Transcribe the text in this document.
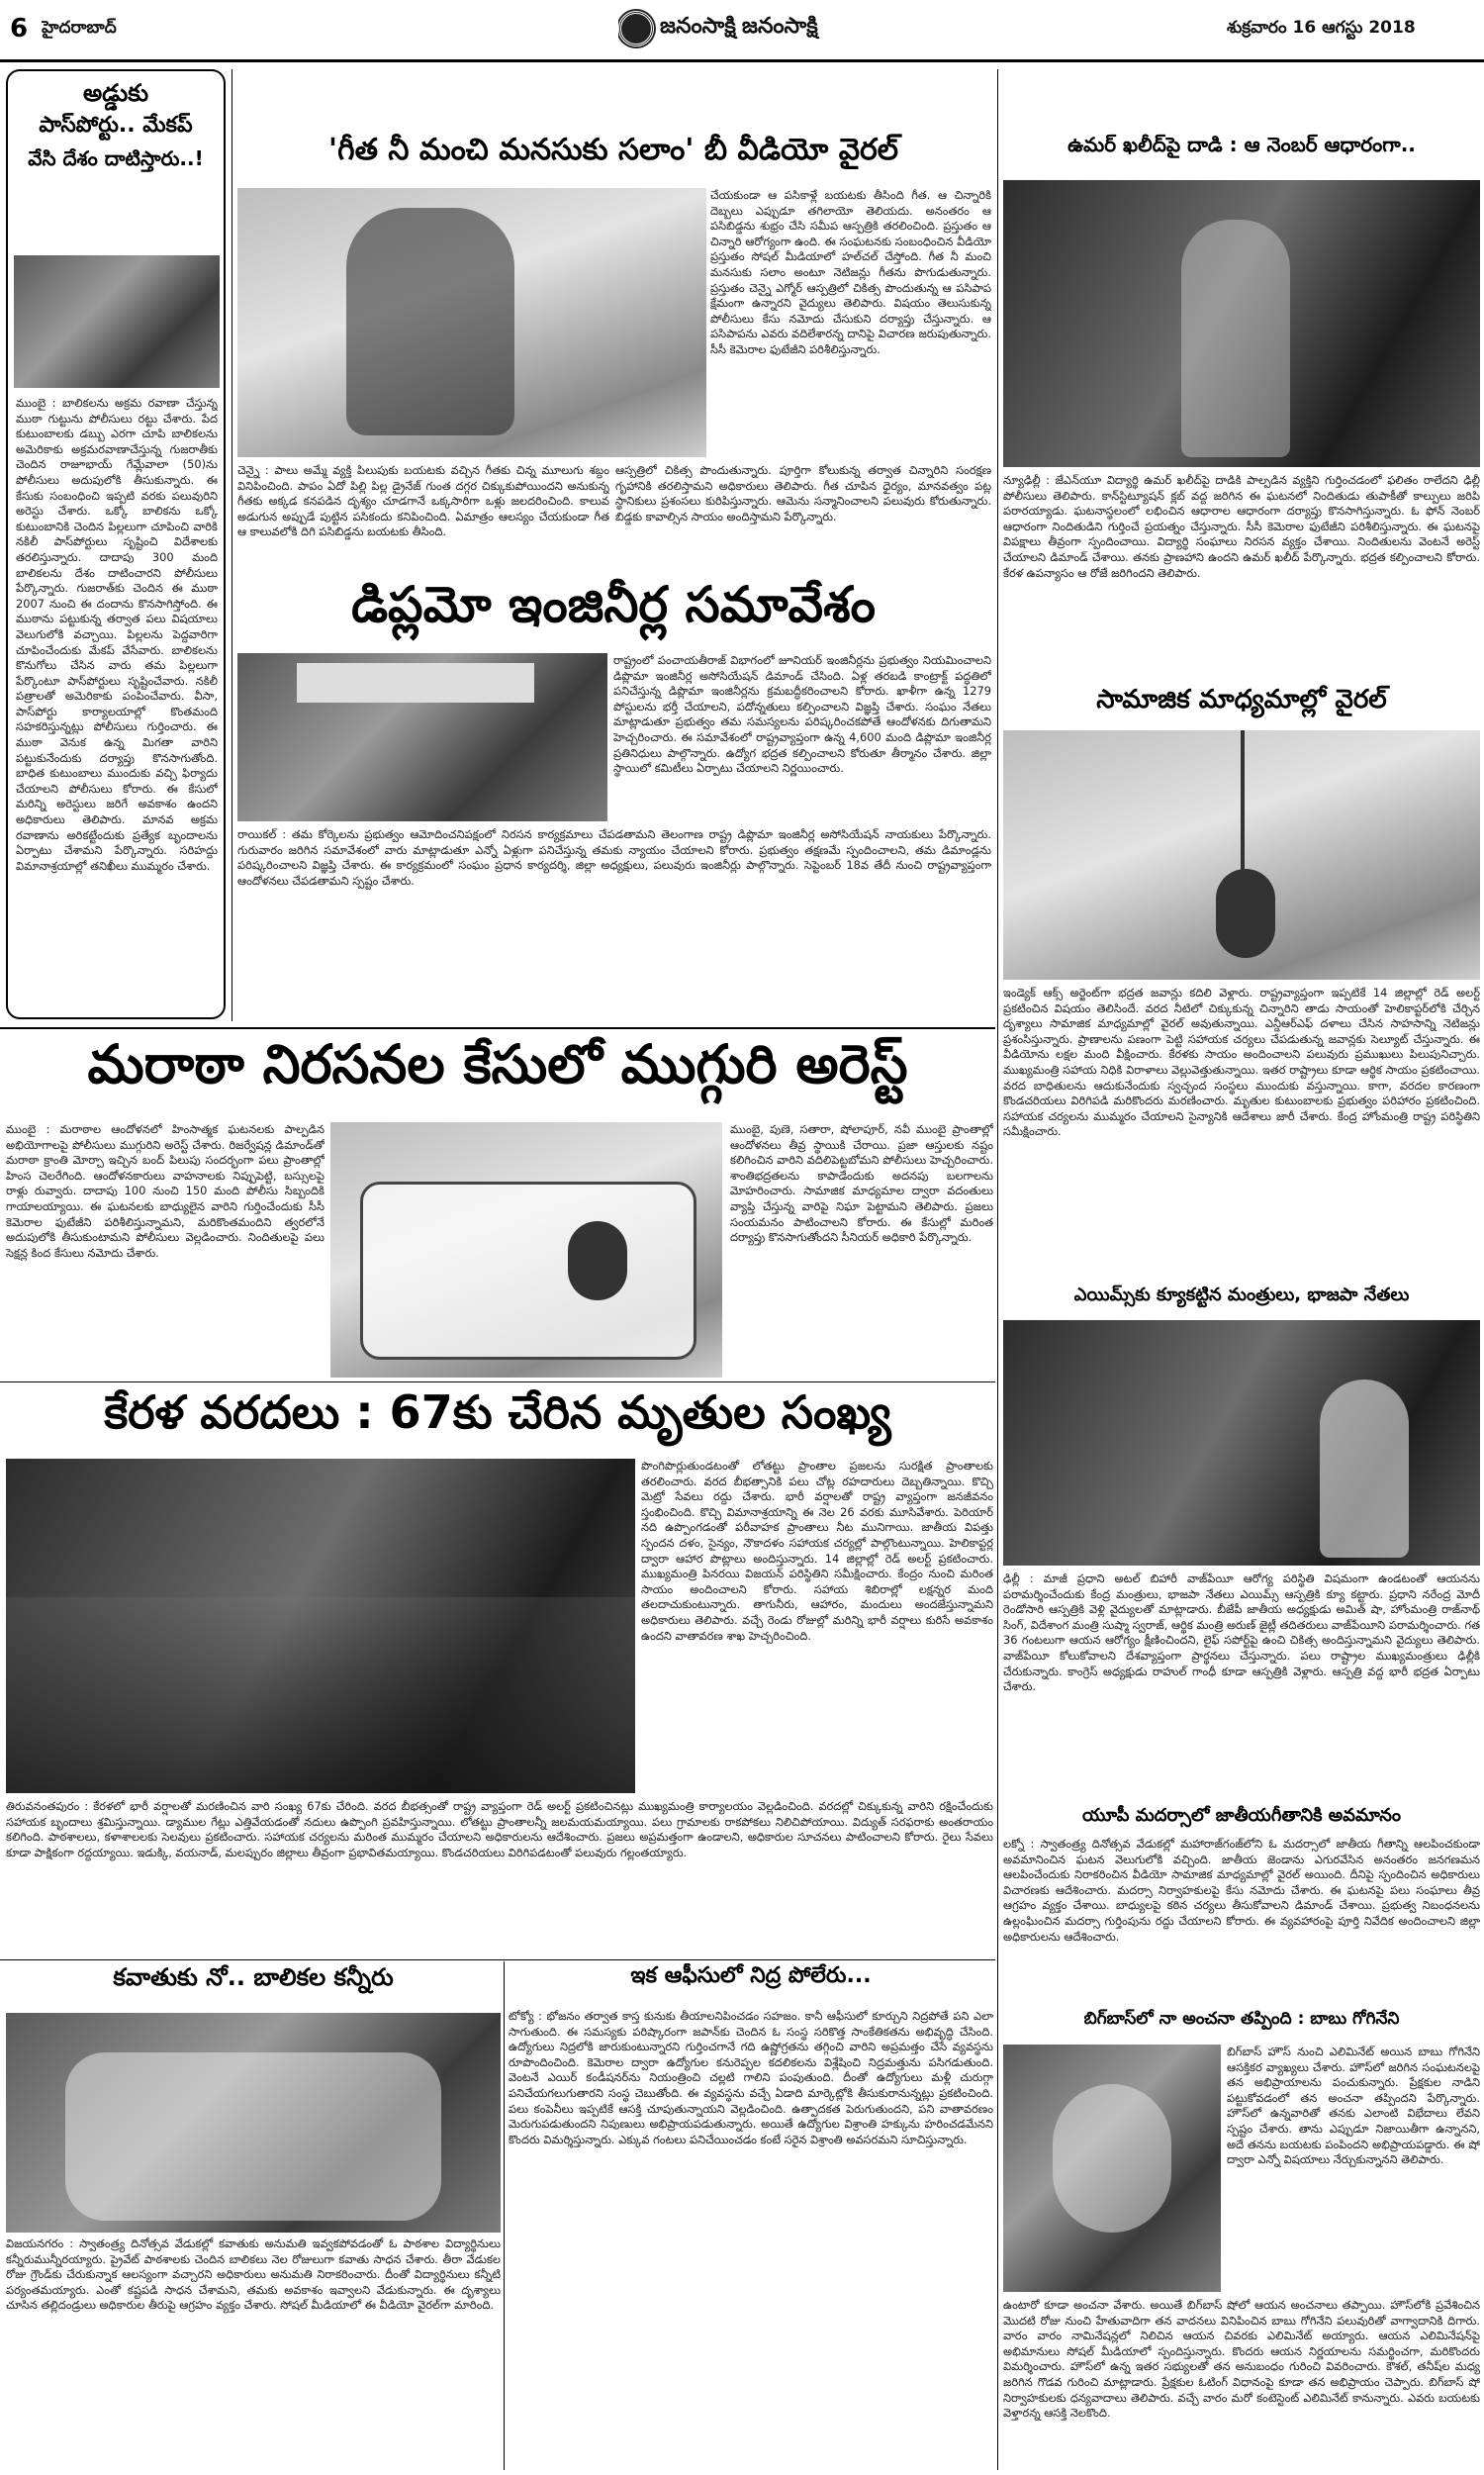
6 హైదరాబాద్	జనంసాక్షి జనంసాక్షి	శుక్రవారం 16 ఆగస్టు 2018
అడ్డుకు
పాస్‌పోర్టు.. మేకప్
వేసి దేశం దాటిస్తారు..!
ముంబై : బాలికలను అక్రమ రవాణా చేస్తున్న ముఠా గుట్టును పోలీసులు రట్టు చేశారు. పేద కుటుంబాలకు డబ్బు ఎరగా చూపి బాలికలను అమెరికాకు అక్రమరవాణాచేస్తున్న గుజరాతీకు చెందిన రాజూభాయ్ గేమ్లేవాలా (50)ను పోలీసులు అదుపులోకి తీసుకున్నారు. ఈ కేసుకు సంబంధించి ఇప్పటి వరకు పలువురిని అరెస్టు చేశారు. ఒక్కో బాలికను ఒక్కో కుటుంబానికి చెందిన పిల్లలుగా చూపించి వారికి నకిలీ పాస్‌పోర్టులు సృష్టించి విదేశాలకు తరలిస్తున్నారు. దాదాపు 300 మంది బాలికలను దేశం దాటించారని పోలీసులు పేర్కొన్నారు. గుజరాత్‌కు చెందిన ఈ ముఠా 2007 నుంచి ఈ దందాను కొనసాగిస్తోంది. ఈ ముఠాను పట్టుకున్న తర్వాత పలు విషయాలు వెలుగులోకి వచ్చాయి. పిల్లలను పెద్దవారిగా చూపించేందుకు మేకప్ వేసేవారు. బాలికలను కొనుగోలు చేసిన వారు తమ పిల్లలుగా పేర్కొంటూ పాస్‌పోర్టులు సృష్టించేవారు. నకిలీ పత్రాలతో అమెరికాకు పంపించేవారు. వీసా, పాస్‌పోర్టు కార్యాలయాల్లో కొంతమంది సహకరిస్తున్నట్లు పోలీసులు గుర్తించారు. ఈ ముఠా వెనుక ఉన్న మిగతా వారిని పట్టుకునేందుకు దర్యాప్తు కొనసాగుతోంది. బాధిత కుటుంబాలు ముందుకు వచ్చి ఫిర్యాదు చేయాలని పోలీసులు కోరారు. ఈ కేసులో మరిన్ని అరెస్టులు జరిగే అవకాశం ఉందని అధికారులు తెలిపారు. మానవ అక్రమ రవాణాను అరికట్టేందుకు ప్రత్యేక బృందాలను ఏర్పాటు చేశామని పేర్కొన్నారు. సరిహద్దు విమానాశ్రయాల్లో తనిఖీలు ముమ్మరం చేశారు.
'గీత నీ మంచి మనసుకు సలాం' బీ వీడియో వైరల్
చేయకుండా ఆ పసికాళ్లే బయటకు తీసింది గీత. ఆ చిన్నారికి దెబ్బలు ఎప్పుడూ తగిలాయో తెలియదు. అనంతరం ఆ పసిబిడ్డను శుభ్రం చేసి సమీప ఆస్పత్రికి తరలించింది. ప్రస్తుతం ఆ చిన్నారి ఆరోగ్యంగా ఉంది. ఈ సంఘటనకు సంబంధించిన వీడియో ప్రస్తుతం సోషల్ మీడియాలో హల్‌చల్ చేస్తోంది. గీత నీ మంచి మనసుకు సలాం అంటూ నెటిజన్లు గీతను పొగుడుతున్నారు. ప్రస్తుతం చెన్నై ఎగ్మోర్ ఆస్పత్రిలో చికిత్స పొందుతున్న ఆ పసిపాప క్షేమంగా ఉన్నారని వైద్యులు తెలిపారు. విషయం తెలుసుకున్న పోలీసులు కేసు నమోదు చేసుకుని దర్యాప్తు చేస్తున్నారు. ఆ పసిపాపను ఎవరు వదిలేశారన్న దానిపై విచారణ జరుపుతున్నారు. సీసీ కెమెరాల ఫుటేజీని పరిశీలిస్తున్నారు.
చెన్నై : పాలు అమ్మే వ్యక్తి పిలుపుకు బయటకు వచ్చిన గీతకు చిన్న మూలుగు శబ్దం వినిపించింది. పాపం ఏదో పిల్లి పిల్ల డ్రైనేజ్ గుంత దగ్గర చిక్కుకుపోయిందని అనుకున్న గీతకు అక్కడ కనపడిన దృశ్యం చూడగానే ఒక్కసారిగా ఒళ్లు జలదరించింది. కాలువ అడుగున అప్పుడే పుట్టిన పసికందు కనిపించింది. ఏమాత్రం ఆలస్యం చేయకుండా గీత ఆ కాలువలోకి దిగి పసిబిడ్డను బయటకు తీసింది.
ఆస్పత్రిలో చికిత్స పొందుతున్నారు. పూర్తిగా కోలుకున్న తర్వాత చిన్నారిని సంరక్షణ గృహానికి తరలిస్తామని అధికారులు తెలిపారు. గీత చూపిన ధైర్యం, మానవత్వం పట్ల స్థానికులు ప్రశంసలు కురిపిస్తున్నారు. ఆమెను సన్మానించాలని పలువురు కోరుతున్నారు. బిడ్డకు కావాల్సిన సాయం అందిస్తామని పేర్కొన్నారు.
డిప్లమో ఇంజినీర్ల సమావేశం
రాష్ట్రంలో పంచాయతీరాజ్ విభాగంలో జూనియర్ ఇంజినీర్లను ప్రభుత్వం నియమించాలని డిప్లొమా ఇంజినీర్ల అసోసియేషన్ డిమాండ్ చేసింది. ఏళ్ల తరబడి కాంట్రాక్ట్ పద్ధతిలో పనిచేస్తున్న డిప్లొమా ఇంజినీర్లను క్రమబద్ధీకరించాలని కోరారు. ఖాళీగా ఉన్న 1279 పోస్టులను భర్తీ చేయాలని, పదోన్నతులు కల్పించాలని విజ్ఞప్తి చేశారు. సంఘం నేతలు మాట్లాడుతూ ప్రభుత్వం తమ సమస్యలను పరిష్కరించకపోతే ఆందోళనకు దిగుతామని హెచ్చరించారు. ఈ సమావేశంలో రాష్ట్రవ్యాప్తంగా ఉన్న 4,600 మంది డిప్లొమా ఇంజినీర్ల ప్రతినిధులు పాల్గొన్నారు. ఉద్యోగ భద్రత కల్పించాలని కోరుతూ తీర్మానం చేశారు. జిల్లా స్థాయిలో కమిటీలు ఏర్పాటు చేయాలని నిర్ణయించారు.
రాయికల్ : తమ కోర్కెలను ప్రభుత్వం ఆమోదించనిపక్షంలో నిరసన కార్యక్రమాలు చేపడతామని తెలంగాణ రాష్ట్ర డిప్లొమా ఇంజినీర్ల అసోసియేషన్ నాయకులు పేర్కొన్నారు. గురువారం జరిగిన సమావేశంలో వారు మాట్లాడుతూ ఎన్నో ఏళ్లుగా పనిచేస్తున్న తమకు న్యాయం చేయాలని కోరారు. ప్రభుత్వం తక్షణమే స్పందించాలని, తమ డిమాండ్లను పరిష్కరించాలని విజ్ఞప్తి చేశారు. ఈ కార్యక్రమంలో సంఘం ప్రధాన కార్యదర్శి, జిల్లా అధ్యక్షులు, పలువురు ఇంజినీర్లు పాల్గొన్నారు. సెప్టెంబర్ 18వ తేదీ నుంచి రాష్ట్రవ్యాప్తంగా ఆందోళనలు చేపడతామని స్పష్టం చేశారు.
ఉమర్ ఖలీద్‌పై దాడి : ఆ నెంబర్ ఆధారంగా..
న్యూఢిల్లీ : జేఎన్‌యూ విద్యార్థి ఉమర్ ఖలీద్‌పై దాడికి పాల్పడిన వ్యక్తిని గుర్తించడంలో ఫలితం రాలేదని ఢిల్లీ పోలీసులు తెలిపారు. కాన్‌స్టిట్యూషన్ క్లబ్ వద్ద జరిగిన ఈ ఘటనలో నిందితుడు తుపాకీతో కాల్పులు జరిపి పరారయ్యాడు. ఘటనాస్థలంలో లభించిన ఆధారాల ఆధారంగా దర్యాప్తు కొనసాగిస్తున్నారు. ఓ ఫోన్ నెంబర్ ఆధారంగా నిందితుడిని గుర్తించే ప్రయత్నం చేస్తున్నారు. సీసీ కెమెరాల ఫుటేజీని పరిశీలిస్తున్నారు. ఈ ఘటనపై విపక్షాలు తీవ్రంగా స్పందించాయి. విద్యార్థి సంఘాలు నిరసన వ్యక్తం చేశాయి. నిందితులను వెంటనే అరెస్ట్ చేయాలని డిమాండ్ చేశాయి. తనకు ప్రాణహాని ఉందని ఉమర్ ఖలీద్ పేర్కొన్నారు. భద్రత కల్పించాలని కోరారు. కేరళ ఉపన్యాసం ఆ రోజే జరిగిందని తెలిపారు.
సామాజిక మాధ్యమాల్లో వైరల్
ఇండ్యెక్ ఆక్స్ అర్జెంట్‌గా భద్రత జవాన్లు కదిలి వెళ్లారు. రాష్ట్రవ్యాప్తంగా ఇప్పటికే 14 జిల్లాల్లో రెడ్ అలర్ట్ ప్రకటించిన విషయం తెలిసిందే. వరద నీటిలో చిక్కుకున్న చిన్నారిని తాడు సాయంతో హెలికాప్టర్‌లోకి చేర్చిన దృశ్యాలు సామాజిక మాధ్యమాల్లో వైరల్ అవుతున్నాయి. ఎన్డీఆర్ఎఫ్ దళాలు చేసిన సాహసాన్ని నెటిజన్లు ప్రశంసిస్తున్నారు. ప్రాణాలను పణంగా పెట్టి సహాయక చర్యలు చేపడుతున్న జవాన్లకు సెల్యూట్ చేస్తున్నారు. ఈ వీడియోను లక్షల మంది వీక్షించారు. కేరళకు సాయం అందించాలని పలువురు ప్రముఖులు పిలుపునిచ్చారు. ముఖ్యమంత్రి సహాయ నిధికి విరాళాలు వెల్లువెత్తుతున్నాయి. ఇతర రాష్ట్రాలు కూడా ఆర్థిక సాయం ప్రకటించాయి. వరద బాధితులను ఆదుకునేందుకు స్వచ్ఛంద సంస్థలు ముందుకు వస్తున్నాయి. కాగా, వరదల కారణంగా కొండచరియలు విరిగిపడి మరికొందరు మరణించారు. మృతుల కుటుంబాలకు ప్రభుత్వం పరిహారం ప్రకటించింది. సహాయక చర్యలను ముమ్మరం చేయాలని సైన్యానికి ఆదేశాలు జారీ చేశారు. కేంద్ర హోంమంత్రి రాష్ట్ర పరిస్థితిని సమీక్షించారు.
మరాఠా నిరసనల కేసులో ముగ్గురి అరెస్ట్
ముంబై : మరాఠాల ఆందోళనలో హింసాత్మక ఘటనలకు పాల్పడిన అభియోగాలపై పోలీసులు ముగ్గురిని అరెస్ట్ చేశారు. రిజర్వేషన్ల డిమాండ్‌తో మరాఠా క్రాంతి మోర్చా ఇచ్చిన బంద్ పిలుపు సందర్భంగా పలు ప్రాంతాల్లో హింస చెలరేగింది. ఆందోళనకారులు వాహనాలకు నిప్పుపెట్టి, బస్సులపై రాళ్లు రువ్వారు. దాదాపు 100 నుంచి 150 మంది పోలీసు సిబ్బందికి గాయాలయ్యాయి. ఈ ఘటనలకు బాధ్యులైన వారిని గుర్తించేందుకు సీసీ కెమెరాల ఫుటేజీని పరిశీలిస్తున్నామని, మరికొంతమందిని త్వరలోనే అదుపులోకి తీసుకుంటామని పోలీసులు వెల్లడించారు. నిందితులపై పలు సెక్షన్ల కింద కేసులు నమోదు చేశారు.
ముంబై, పుణె, సతారా, షోలాపూర్, నవీ ముంబై ప్రాంతాల్లో ఆందోళనలు తీవ్ర స్థాయికి చేరాయి. ప్రజా ఆస్తులకు నష్టం కలిగించిన వారిని వదిలిపెట్టబోమని పోలీసులు హెచ్చరించారు. శాంతిభద్రతలను కాపాడేందుకు అదనపు బలగాలను మోహరించారు. సామాజిక మాధ్యమాల ద్వారా వదంతులు వ్యాప్తి చేస్తున్న వారిపై నిఘా పెట్టామని తెలిపారు. ప్రజలు సంయమనం పాటించాలని కోరారు. ఈ కేసుల్లో మరింత దర్యాప్తు కొనసాగుతోందని సీనియర్ అధికారి పేర్కొన్నారు.
కేరళ వరదలు : 67కు చేరిన మృతుల సంఖ్య
పొంగిపొర్లుతుండటంతో లోతట్టు ప్రాంతాల ప్రజలను సురక్షిత ప్రాంతాలకు తరలించారు. వరద బీభత్సానికి పలు చోట్ల రహదారులు దెబ్బతిన్నాయి. కొచ్చి మెట్రో సేవలు రద్దు చేశారు. భారీ వర్షాలతో రాష్ట్ర వ్యాప్తంగా జనజీవనం స్తంభించింది. కొచ్చి విమానాశ్రయాన్ని ఈ నెల 26 వరకు మూసివేశారు. పెరియార్ నది ఉప్పొంగడంతో పరీవాహక ప్రాంతాలు నీట మునిగాయి. జాతీయ విపత్తు స్పందన దళం, సైన్యం, నౌకాదళం సహాయక చర్యల్లో పాల్గొంటున్నాయి. హెలికాప్టర్ల ద్వారా ఆహార పొట్లాలు అందిస్తున్నారు. 14 జిల్లాల్లో రెడ్ అలర్ట్ ప్రకటించారు. ముఖ్యమంత్రి పినరయి విజయన్ పరిస్థితిని సమీక్షించారు. కేంద్రం నుంచి మరింత సాయం అందించాలని కోరారు. సహాయ శిబిరాల్లో లక్షన్నర మంది తలదాచుకుంటున్నారు. తాగునీరు, ఆహారం, మందులు అందజేస్తున్నామని అధికారులు తెలిపారు. వచ్చే రెండు రోజుల్లో మరిన్ని భారీ వర్షాలు కురిసే అవకాశం ఉందని వాతావరణ శాఖ హెచ్చరించింది.
తిరువనంతపురం : కేరళలో భారీ వర్షాలతో మరణించిన వారి సంఖ్య 67కు చేరింది. వరద బీభత్సంతో రాష్ట్ర వ్యాప్తంగా రెడ్ అలర్ట్ ప్రకటించినట్లు ముఖ్యమంత్రి కార్యాలయం వెల్లడించింది. వరదల్లో చిక్కుకున్న వారిని రక్షించేందుకు సహాయక బృందాలు శ్రమిస్తున్నాయి. డ్యాముల గేట్లు ఎత్తివేయడంతో నదులు ఉప్పొంగి ప్రవహిస్తున్నాయి. లోతట్టు ప్రాంతాలన్నీ జలమయమయ్యాయి. పలు గ్రామాలకు రాకపోకలు నిలిచిపోయాయి. విద్యుత్ సరఫరాకు అంతరాయం కలిగింది. పాఠశాలలు, కళాశాలలకు సెలవులు ప్రకటించారు. సహాయక చర్యలను మరింత ముమ్మరం చేయాలని అధికారులను ఆదేశించారు. ప్రజలు అప్రమత్తంగా ఉండాలని, అధికారుల సూచనలు పాటించాలని కోరారు. రైలు సేవలు కూడా పాక్షికంగా రద్దయ్యాయి. ఇడుక్కి, వయనాడ్, మలప్పురం జిల్లాలు తీవ్రంగా ప్రభావితమయ్యాయి. కొండచరియలు విరిగిపడటంతో పలువురు గల్లంతయ్యారు.
కవాతుకు నో.. బాలికల కన్నీరు
విజయనగరం : స్వాతంత్ర్య దినోత్సవ వేడుకల్లో కవాతుకు అనుమతి ఇవ్వకపోవడంతో ఓ పాఠశాల విద్యార్థినులు కన్నీరుమున్నీరయ్యారు. ప్రైవేట్ పాఠశాలకు చెందిన బాలికలు నెల రోజులుగా కవాతు సాధన చేశారు. తీరా వేడుకల రోజు గ్రౌండ్‌కు చేరుకున్నాక ఆలస్యంగా వచ్చారని అధికారులు అనుమతి నిరాకరించారు. దీంతో విద్యార్థినులు కన్నీటి పర్యంతమయ్యారు. ఎంతో కష్టపడి సాధన చేశామని, తమకు అవకాశం ఇవ్వాలని వేడుకున్నారు. ఈ దృశ్యాలు చూసిన తల్లిదండ్రులు అధికారుల తీరుపై ఆగ్రహం వ్యక్తం చేశారు. సోషల్ మీడియాలో ఈ వీడియో వైరల్‌గా మారింది.
ఇక ఆఫీసులో నిద్ర పోలేరు...
టోక్యో : భోజనం తర్వాత కాస్త కునుకు తీయాలనిపించడం సహజం. కానీ ఆఫీసులో కూర్చుని నిద్రపోతే పని ఎలా సాగుతుంది. ఈ సమస్యకు పరిష్కారంగా జపాన్‌కు చెందిన ఓ సంస్థ సరికొత్త సాంకేతికతను అభివృద్ధి చేసింది. ఉద్యోగులు నిద్రలోకి జారుకుంటున్నారని గుర్తించగానే గది ఉష్ణోగ్రతను తగ్గించి వారిని అప్రమత్తం చేసే వ్యవస్థను రూపొందించింది. కెమెరాల ద్వారా ఉద్యోగుల కనురెప్పల కదలికలను విశ్లేషించి నిద్రమత్తును పసిగడుతుంది. వెంటనే ఎయిర్ కండీషనర్‌ను నియంత్రించి చల్లటి గాలిని పంపుతుంది. దీంతో ఉద్యోగులు మళ్లీ చురుగ్గా పనిచేయగలుగుతారని సంస్థ చెబుతోంది. ఈ వ్యవస్థను వచ్చే ఏడాది మార్కెట్లోకి తీసుకురానున్నట్లు ప్రకటించింది. పలు కంపెనీలు ఇప్పటికే ఆసక్తి చూపుతున్నాయని వెల్లడించింది. ఉత్పాదకత పెరుగుతుందని, పని వాతావరణం మెరుగుపడుతుందని నిపుణులు అభిప్రాయపడుతున్నారు. అయితే ఉద్యోగుల విశ్రాంతి హక్కును హరించడమేనని కొందరు విమర్శిస్తున్నారు. ఎక్కువ గంటలు పనిచేయించడం కంటే సరైన విశ్రాంతి అవసరమని సూచిస్తున్నారు.
ఎయిమ్స్‌కు క్యూకట్టిన మంత్రులు, భాజపా నేతలు
ఢిల్లీ : మాజీ ప్రధాని అటల్ బిహారీ వాజ్‌పేయీ ఆరోగ్య పరిస్థితి విషమంగా ఉండటంతో ఆయనను పరామర్శించేందుకు కేంద్ర మంత్రులు, భాజపా నేతలు ఎయిమ్స్ ఆస్పత్రికి క్యూ కట్టారు. ప్రధాని నరేంద్ర మోదీ రెండోసారి ఆస్పత్రికి వెళ్లి వైద్యులతో మాట్లాడారు. బీజేపీ జాతీయ అధ్యక్షుడు అమిత్ షా, హోంమంత్రి రాజ్‌నాథ్ సింగ్, విదేశాంగ మంత్రి సుష్మా స్వరాజ్, ఆర్థిక మంత్రి అరుణ్ జైట్లీ తదితరులు వాజ్‌పేయీని పరామర్శించారు. గత 36 గంటలుగా ఆయన ఆరోగ్యం క్షీణించిందని, లైఫ్ సపోర్ట్‌పై ఉంచి చికిత్స అందిస్తున్నామని వైద్యులు తెలిపారు. వాజ్‌పేయీ కోలుకోవాలని దేశవ్యాప్తంగా ప్రార్థనలు చేస్తున్నారు. పలు రాష్ట్రాల ముఖ్యమంత్రులు ఢిల్లీకి చేరుకున్నారు. కాంగ్రెస్ అధ్యక్షుడు రాహుల్ గాంధీ కూడా ఆస్పత్రికి వెళ్లారు. ఆస్పత్రి వద్ద భారీ భద్రత ఏర్పాటు చేశారు.
యూపీ మదర్సాలో జాతీయగీతానికి అవమానం
లక్నో : స్వాతంత్ర్య దినోత్సవ వేడుకల్లో మహారాజ్‌గంజ్‌లోని ఓ మదర్సాలో జాతీయ గీతాన్ని ఆలపించకుండా అవమానించిన ఘటన వెలుగులోకి వచ్చింది. జాతీయ జెండాను ఎగురవేసిన అనంతరం జనగణమన ఆలపించేందుకు నిరాకరించిన వీడియో సామాజిక మాధ్యమాల్లో వైరల్ అయింది. దీనిపై స్పందించిన అధికారులు విచారణకు ఆదేశించారు. మదర్సా నిర్వాహకులపై కేసు నమోదు చేశారు. ఈ ఘటనపై పలు సంఘాలు తీవ్ర ఆగ్రహం వ్యక్తం చేశాయి. బాధ్యులపై కఠిన చర్యలు తీసుకోవాలని డిమాండ్ చేశాయి. ప్రభుత్వ నిబంధనలను ఉల్లంఘించిన మదర్సా గుర్తింపును రద్దు చేయాలని కోరారు. ఈ వ్యవహారంపై పూర్తి నివేదిక అందించాలని జిల్లా అధికారులను ఆదేశించారు.
బిగ్‌బాస్‌లో నా అంచనా తప్పింది : బాబు గోగినేని
బిగ్‌బాస్ హౌస్‌ నుంచి ఎలిమినేట్ అయిన బాబు గోగినేని ఆసక్తికర వ్యాఖ్యలు చేశారు. హౌస్‌లో జరిగిన సంఘటనలపై తన అభిప్రాయాలను పంచుకున్నారు. ప్రేక్షకుల నాడిని పట్టుకోవడంలో తన అంచనా తప్పిందని పేర్కొన్నారు. హౌస్‌లో ఉన్నవారితో తనకు ఎలాంటి విభేదాలు లేవని స్పష్టం చేశారు. తాను ఎప్పుడూ నిజాయితీగా ఉన్నానని, అదే తనను బయటకు పంపిందని అభిప్రాయపడ్డారు. ఈ షో ద్వారా ఎన్నో విషయాలు నేర్చుకున్నానని తెలిపారు.
ఉంటారో కూడా అంచనా వేశారు. అయితే బిగ్‌బాస్ షోలో ఆయన అంచనాలు తప్పాయి. హౌస్‌లోకి ప్రవేశించిన మొదటి రోజు నుంచి హేతువాదిగా తన వాదనలు వినిపించిన బాబు గోగినేని పలువురితో వాగ్వాదానికి దిగారు. వారం వారం నామినేషన్లలో నిలిచిన ఆయన చివరకు ఎలిమినేట్ అయ్యారు. ఆయన ఎలిమినేషన్‌పై అభిమానులు సోషల్ మీడియాలో స్పందిస్తున్నారు. కొందరు ఆయన నిర్ణయాలను సమర్థించగా, మరికొందరు విమర్శించారు. హౌస్‌లో ఉన్న ఇతర సభ్యులతో తన అనుబంధం గురించి వివరించారు. కౌశల్, తనీష్‌ల మధ్య జరిగిన గొడవ గురించి మాట్లాడారు. ప్రేక్షకుల ఓటింగ్ విధానంపై కూడా తన అభిప్రాయం చెప్పారు. బిగ్‌బాస్ షో నిర్వాహకులకు ధన్యవాదాలు తెలిపారు. వచ్చే వారం మరో కంటెస్టెంట్ ఎలిమినేట్ కానున్నారు. ఎవరు బయటకు వెళ్తారన్న ఆసక్తి నెలకొంది.
